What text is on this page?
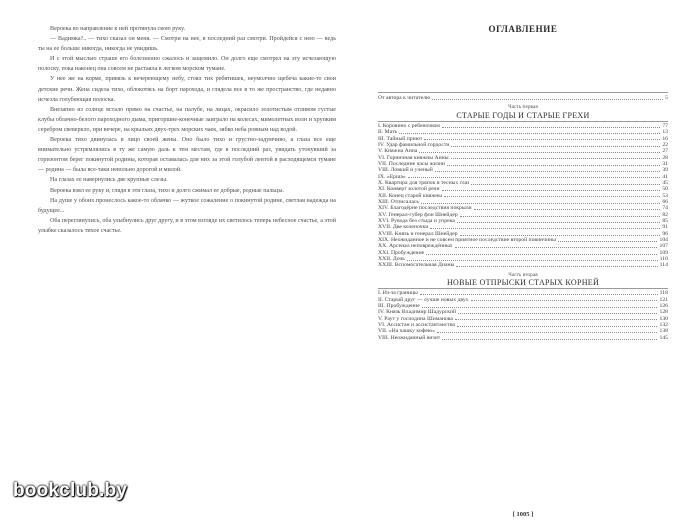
Вероека во направление к ней протянула свою руку.

— Вадимка?.. — тихо сказал он меня. — Смотри на нее, в последний раз смотри. Пройдейся с нею — ведь ты на ее больше никогда, никогда не увидишь.

И с этой мыслью страше его болезненно сжалось и защемило. Он долго еще смотрел на эту исчезающую полоску, пока наконец она совсем не растаяла в легком морском тумане.

У нее же на корме, привязь к вечереющему небу, стоял тих ребятишек, неумолчно щебеча какие-то свои детские речи. Жена сидела тихо, облокотясь на борт парохода, и глядела все в то же пространство, где недавно исчезла голубеющая полоска.

Внезапно из солнце встало прямо на счастье, на палубе, на лицах, окрасило золотистым отливом густые клубы облачно-белого пароходного дыма, пригоршне-конечные заиграло на колесах, мимолетных волн и хрупким серебром свеверкло, при вечере, на крыльях двух-трех морских чаек, зябко неба ровным над водой.

Вероека тихо двинулась в лицо своей жены. Оно было тихо и грустно-задумчиво, а глаза все еще внимательно устремлялись в ту же самую даль к тем местам, где в последний раз, увидать утонувший за горизонтом берег покинутой родины, которая оставалась для них за этой голубой лентой в расходящемся тумане — родина — была все-таки невольно дорогой и милой.

На глазах ее навернулись две крупные слезы.

Вероека взял ее руку и, глядя в эти глаза, тихо и долго сжимал ее добрые, родные пальцы.

На душе у обоих пронеслось какое-то облачко — жуткое сожаление о покинутой родине, светлая надежда на будущее...

Оба переглянулись, оба улыбнулись друг другу, и в этом взгляде их светилось теперь небесное счастье, а этой улыбке сказалось тихое счастье.

ОГЛАВЛЕНИЕ
От автора к читателю	5
Часть первая
СТАРЫЕ ГОДЫ И СТАРЫЕ ГРЕХИ
I. Коровино с ребеночком	77
II. Мать	13
III. Тайный приют	16
IV. Удар фамильной гордости	22
V. Княжна Анна	27
VI. Горничная княжны Анны	28
VII. Последние часы жизни	31
VIII. Ловкий и ученый	39
IX. «Ерша»	41
X. Квартира для тряпок в тесных глаз	45
XI. Конверт золотой речи	50
XII. Конец старой княжны	53
XIII. Отписалась	66
XIV. Благодёрне последствия покрыли	74
XV. Генерал-губер фон Шнейдер	82
XVI. Рувода без стыда и упрека	85
XVII. Две коленочки	91
XVIII. Князь и генерал Шнейдер	96
XIX. Неожиданное и не совсем приятное последствие второй повинчины	104
XX. Арсенал неповреждённых	107
XXI. Пробуждение	109
XXII. Дочь	110
XXIII. Вспомогательная Дианы	114
Часть вторая
НОВЫЕ ОТПРЫСКИ СТАРЫХ КОРНЕЙ
I. Из-за границы	118
II. Старый друг — лучше новых двух	121
III. Пробуждение	126
IV. Князь Владимир Шадурский	128
V. Раут у господина Шиманова	130
VI. Ассистан и ассистантанство	132
VII. «На чашку кофею»	138
VIII. Неожиданный визит	145
[ 1005 ]
bookclub.by
